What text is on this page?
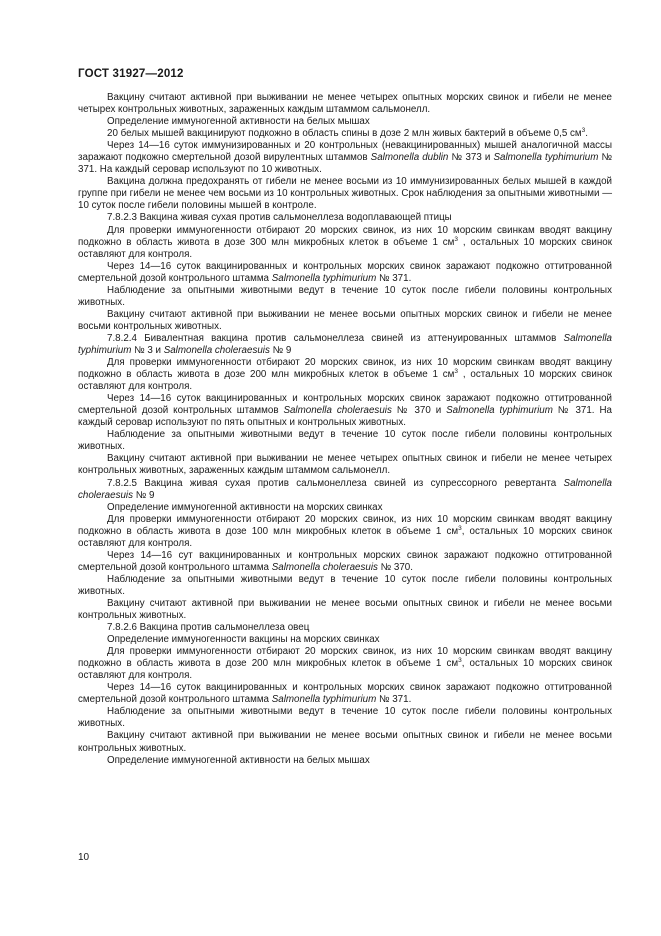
ГОСТ 31927—2012

Вакцину считают активной при выживании не менее четырех опытных морских свинок и гибели не менее четырех контрольных животных, зараженных каждым штаммом сальмонелл.

Определение иммуногенной активности на белых мышах

20 белых мышей вакцинируют подкожно в область спины в дозе 2 млн живых бактерий в объеме 0,5 $см^3$.

Через 14—16 суток иммунизированных и 20 контрольных (невакцинированных) мышей аналогичной массы заражают подкожно смертельной дозой вирулентных штаммов Salmonella dublin № 373 и Salmonella typhimurium № 371. На каждый серовар используют по 10 животных.

Вакцина должна предохранять от гибели не менее восьми из 10 иммунизированных белых мышей в каждой группе при гибели не менее чем восьми из 10 контрольных животных. Срок наблюдения за опытными животными — 10 суток после гибели половины мышей в контроле.

7.8.2.3 Вакцина живая сухая против сальмонеллеза водоплавающей птицы

Для проверки иммуногенности отбирают 20 морских свинок, из них 10 морским свинкам вводят вакцину подкожно в область живота в дозе 300 млн микробных клеток в объеме 1 $см^3$ , остальных 10 морских свинок оставляют для контроля.

Через 14—16 суток вакцинированных и контрольных морских свинок заражают подкожно оттитрованной смертельной дозой контрольного штамма Salmonella typhimurium № 371.

Наблюдение за опытными животными ведут в течение 10 суток после гибели половины контрольных животных.

Вакцину считают активной при выживании не менее восьми опытных морских свинок и гибели не менее восьми контрольных животных.

7.8.2.4 Бивалентная вакцина против сальмонеллеза свиней из аттенуированных штаммов Salmonella typhimurium № 3 и Salmonella choleraesuis № 9

Для проверки иммуногенности отбирают 20 морских свинок, из них 10 морским свинкам вводят вакцину подкожно в область живота в дозе 200 млн микробных клеток в объеме 1 $см^3$ , остальных 10 морских свинок оставляют для контроля.

Через 14—16 суток вакцинированных и контрольных морских свинок заражают подкожно оттитрованной смертельной дозой контрольных штаммов Salmonella choleraesuis № 370 и Salmonella typhimurium № 371. На каждый серовар используют по пять опытных и контрольных животных.

Наблюдение за опытными животными ведут в течение 10 суток после гибели половины контрольных животных.

Вакцину считают активной при выживании не менее четырех опытных свинок и гибели не менее четырех контрольных животных, зараженных каждым штаммом сальмонелл.

7.8.2.5 Вакцина живая сухая против сальмонеллеза свиней из супрессорного ревертанта Salmonella choleraesuis № 9

Определение иммуногенной активности на морских свинках

Для проверки иммуногенности отбирают 20 морских свинок, из них 10 морским свинкам вводят вакцину подкожно в область живота в дозе 100 млн микробных клеток в объеме 1 $см^3$, остальных 10 морских свинок оставляют для контроля.

Через 14—16 сут вакцинированных и контрольных морских свинок заражают подкожно оттитрованной смертельной дозой контрольного штамма Salmonella choleraesuis № 370.

Наблюдение за опытными животными ведут в течение 10 суток после гибели половины контрольных животных.

Вакцину считают активной при выживании не менее восьми опытных свинок и гибели не менее восьми контрольных животных.

7.8.2.6 Вакцина против сальмонеллеза овец

Определение иммуногенности вакцины на морских свинках

Для проверки иммуногенности отбирают 20 морских свинок, из них 10 морским свинкам вводят вакцину подкожно в область живота в дозе 200 млн микробных клеток в объеме 1 $см^3$, остальных 10 морских свинок оставляют для контроля.

Через 14—16 суток вакцинированных и контрольных морских свинок заражают подкожно оттитрованной смертельной дозой контрольного штамма Salmonella typhimurium № 371.

Наблюдение за опытными животными ведут в течение 10 суток после гибели половины контрольных животных.

Вакцину считают активной при выживании не менее восьми опытных свинок и гибели не менее восьми контрольных животных.

Определение иммуногенной активности на белых мышах

10
